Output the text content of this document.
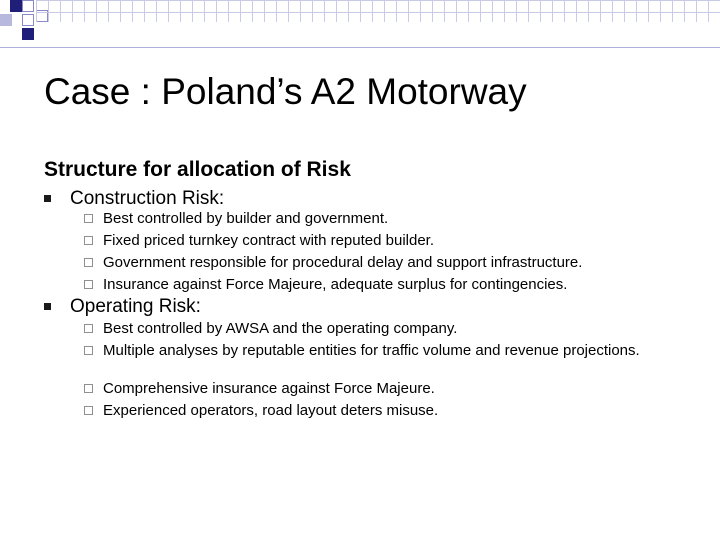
Case : Poland’s A2 Motorway
Structure for allocation of Risk
Construction Risk:
Best controlled by builder and government.
Fixed priced turnkey contract with reputed builder.
Government responsible for procedural delay and support infrastructure.
Insurance against Force Majeure, adequate surplus for contingencies.
Operating Risk:
Best controlled by AWSA and the operating company.
Multiple analyses by reputable entities for traffic volume and revenue projections.
Comprehensive insurance against Force Majeure.
Experienced operators, road layout deters misuse.
